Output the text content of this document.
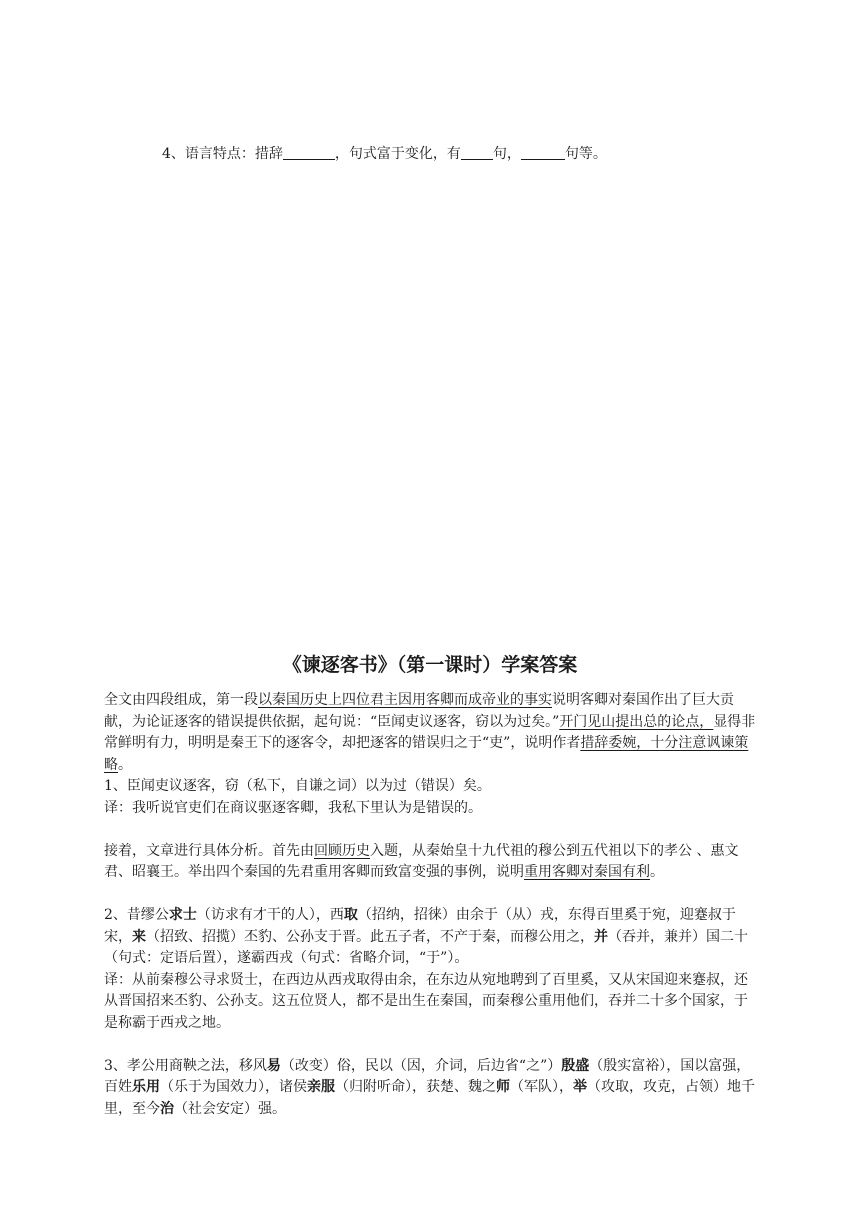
4、语言特点：措辞	，句式富于变化，有 句，	句等。
《谏逐客书》（第一课时）学案答案

全文由四段组成，第一段以秦国历史上四位君主因用客卿而成帝业的事实说明客卿对秦国作出了巨大贡献，为论证逐客的错误提供依据，起句说：“臣闻吏议逐客，窃以为过矣。”开门见山提出总的论点，显得非常鲜明有力，明明是秦王下的逐客令，却把逐客的错误归之于“吏”，说明作者措辞委婉，十分注意讽谏策略。

1、臣闻吏议逐客，窃（私下，自谦之词）以为过（错误）矣。

译：我听说官吏们在商议驱逐客卿，我私下里认为是错误的。

接着，文章进行具体分析。首先由回顾历史入题，从秦始皇十九代祖的穆公到五代祖以下的孝公 、惠文君、昭襄王。举出四个秦国的先君重用客卿而致富变强的事例，说明重用客卿对秦国有利。

2、昔缪公求士（访求有才干的人），西取（招纳，招徕）由余于（从）戎，东得百里奚于宛，迎蹇叔于宋，来（招致、招揽）丕豹、公孙支于晋。此五子者，不产于秦，而穆公用之，并（吞并，兼并）国二十（句式：定语后置），遂霸西戎（句式：省略介词，“于”）。

译：从前秦穆公寻求贤士，在西边从西戎取得由余，在东边从宛地聘到了百里奚，又从宋国迎来蹇叔，还从晋国招来丕豹、公孙支。这五位贤人，都不是出生在秦国，而秦穆公重用他们，吞并二十多个国家，于是称霸于西戎之地。

3、孝公用商鞅之法，移风易（改变）俗，民以（因，介词，后边省“之”）殷盛（殷实富裕），国以富强，百姓乐用（乐于为国效力），诸侯亲服（归附听命），获楚、魏之师（军队），举（攻取，攻克，占领）地千里，至今治（社会安定）强。
